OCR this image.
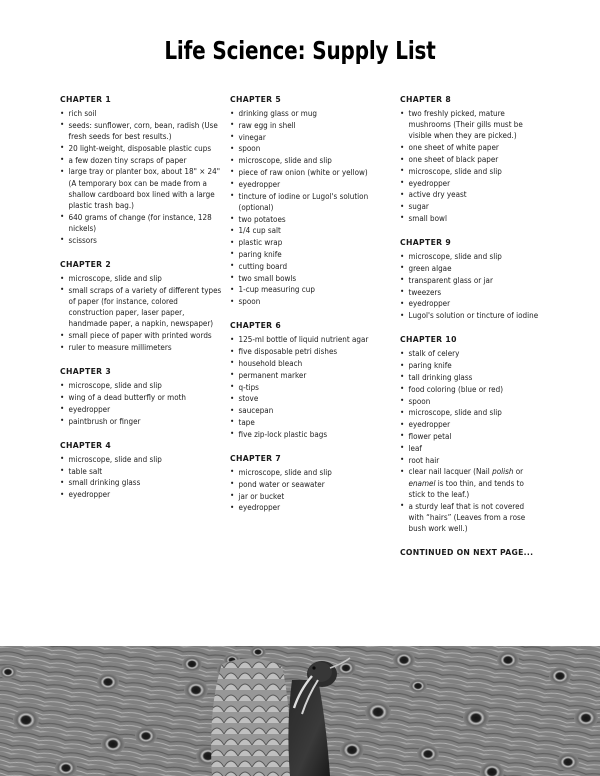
Life Science: Supply List
CHAPTER 1
• rich soil
• seeds: sunflower, corn, bean, radish (Use fresh seeds for best results.)
• 20 light-weight, disposable plastic cups
• a few dozen tiny scraps of paper
• large tray or planter box, about 18" × 24" (A temporary box can be made from a shallow cardboard box lined with a large plastic trash bag.)
• 640 grams of change (for instance, 128 nickels)
• scissors
CHAPTER 2
• microscope, slide and slip
• small scraps of a variety of different types of paper (for instance, colored construction paper, laser paper, handmade paper, a napkin, newspaper)
• small piece of paper with printed words
• ruler to measure millimeters
CHAPTER 3
• microscope, slide and slip
• wing of a dead butterfly or moth
• eyedropper
• paintbrush or finger
CHAPTER 4
• microscope, slide and slip
• table salt
• small drinking glass
• eyedropper
CHAPTER 5
• drinking glass or mug
• raw egg in shell
• vinegar
• spoon
• microscope, slide and slip
• piece of raw onion (white or yellow)
• eyedropper
• tincture of iodine or Lugol's solution (optional)
• two potatoes
• 1/4 cup salt
• plastic wrap
• paring knife
• cutting board
• two small bowls
• 1-cup measuring cup
• spoon
CHAPTER 6
• 125-ml bottle of liquid nutrient agar
• five disposable petri dishes
• household bleach
• permanent marker
• q-tips
• stove
• saucepan
• tape
• five zip-lock plastic bags
CHAPTER 7
• microscope, slide and slip
• pond water or seawater
• jar or bucket
• eyedropper
CHAPTER 8
• two freshly picked, mature mushrooms (Their gills must be visible when they are picked.)
• one sheet of white paper
• one sheet of black paper
• microscope, slide and slip
• eyedropper
• active dry yeast
• sugar
• small bowl
CHAPTER 9
• microscope, slide and slip
• green algae
• transparent glass or jar
• tweezers
• eyedropper
• Lugol's solution or tincture of iodine
CHAPTER 10
• stalk of celery
• paring knife
• tall drinking glass
• food coloring (blue or red)
• spoon
• microscope, slide and slip
• eyedropper
• flower petal
• leaf
• root hair
• clear nail lacquer (Nail polish or enamel is too thin, and tends to stick to the leaf.)
• a sturdy leaf that is not covered with “hairs” (Leaves from a rose bush work well.)
CONTINUED ON NEXT PAGE...
